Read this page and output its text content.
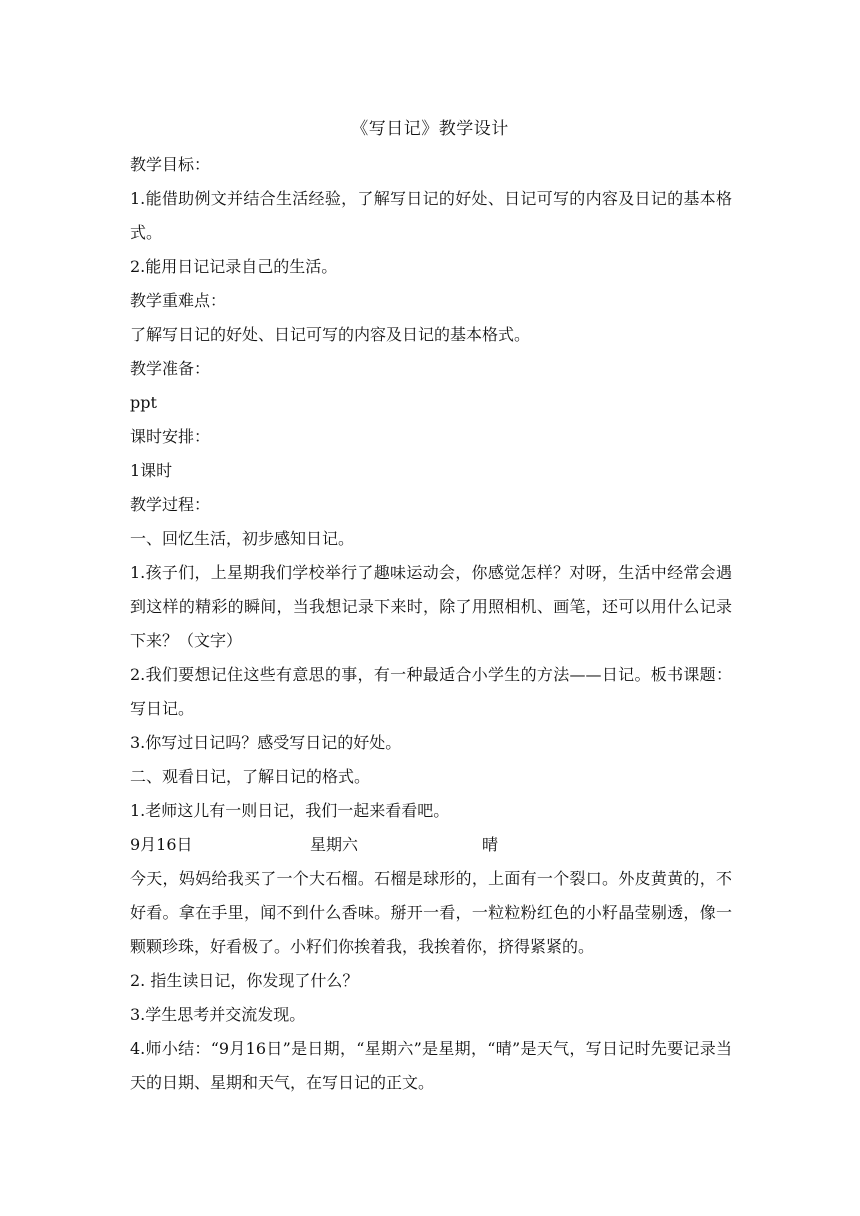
《写日记》教学设计

教学目标：

1.能借助例文并结合生活经验，了解写日记的好处、日记可写的内容及日记的基本格式。

2.能用日记记录自己的生活。

教学重难点：

了解写日记的好处、日记可写的内容及日记的基本格式。

教学准备：

ppt

课时安排：

1课时

教学过程：

一、回忆生活，初步感知日记。

1.孩子们，上星期我们学校举行了趣味运动会，你感觉怎样？对呀，生活中经常会遇到这样的精彩的瞬间，当我想记录下来时，除了用照相机、画笔，还可以用什么记录下来？（文字）

2.我们要想记住这些有意思的事，有一种最适合小学生的方法——日记。板书课题：写日记。

3.你写过日记吗？感受写日记的好处。

二、观看日记，了解日记的格式。

1.老师这儿有一则日记，我们一起来看看吧。

9月16日	星期六	晴

今天，妈妈给我买了一个大石榴。石榴是球形的，上面有一个裂口。外皮黄黄的，不好看。拿在手里，闻不到什么香味。掰开一看，一粒粒粉红色的小籽晶莹剔透，像一颗颗珍珠，好看极了。小籽们你挨着我，我挨着你，挤得紧紧的。

2. 指生读日记，你发现了什么？

3.学生思考并交流发现。

4.师小结：“9月16日”是日期，“星期六”是星期，“晴”是天气，写日记时先要记录当天的日期、星期和天气，在写日记的正文。
